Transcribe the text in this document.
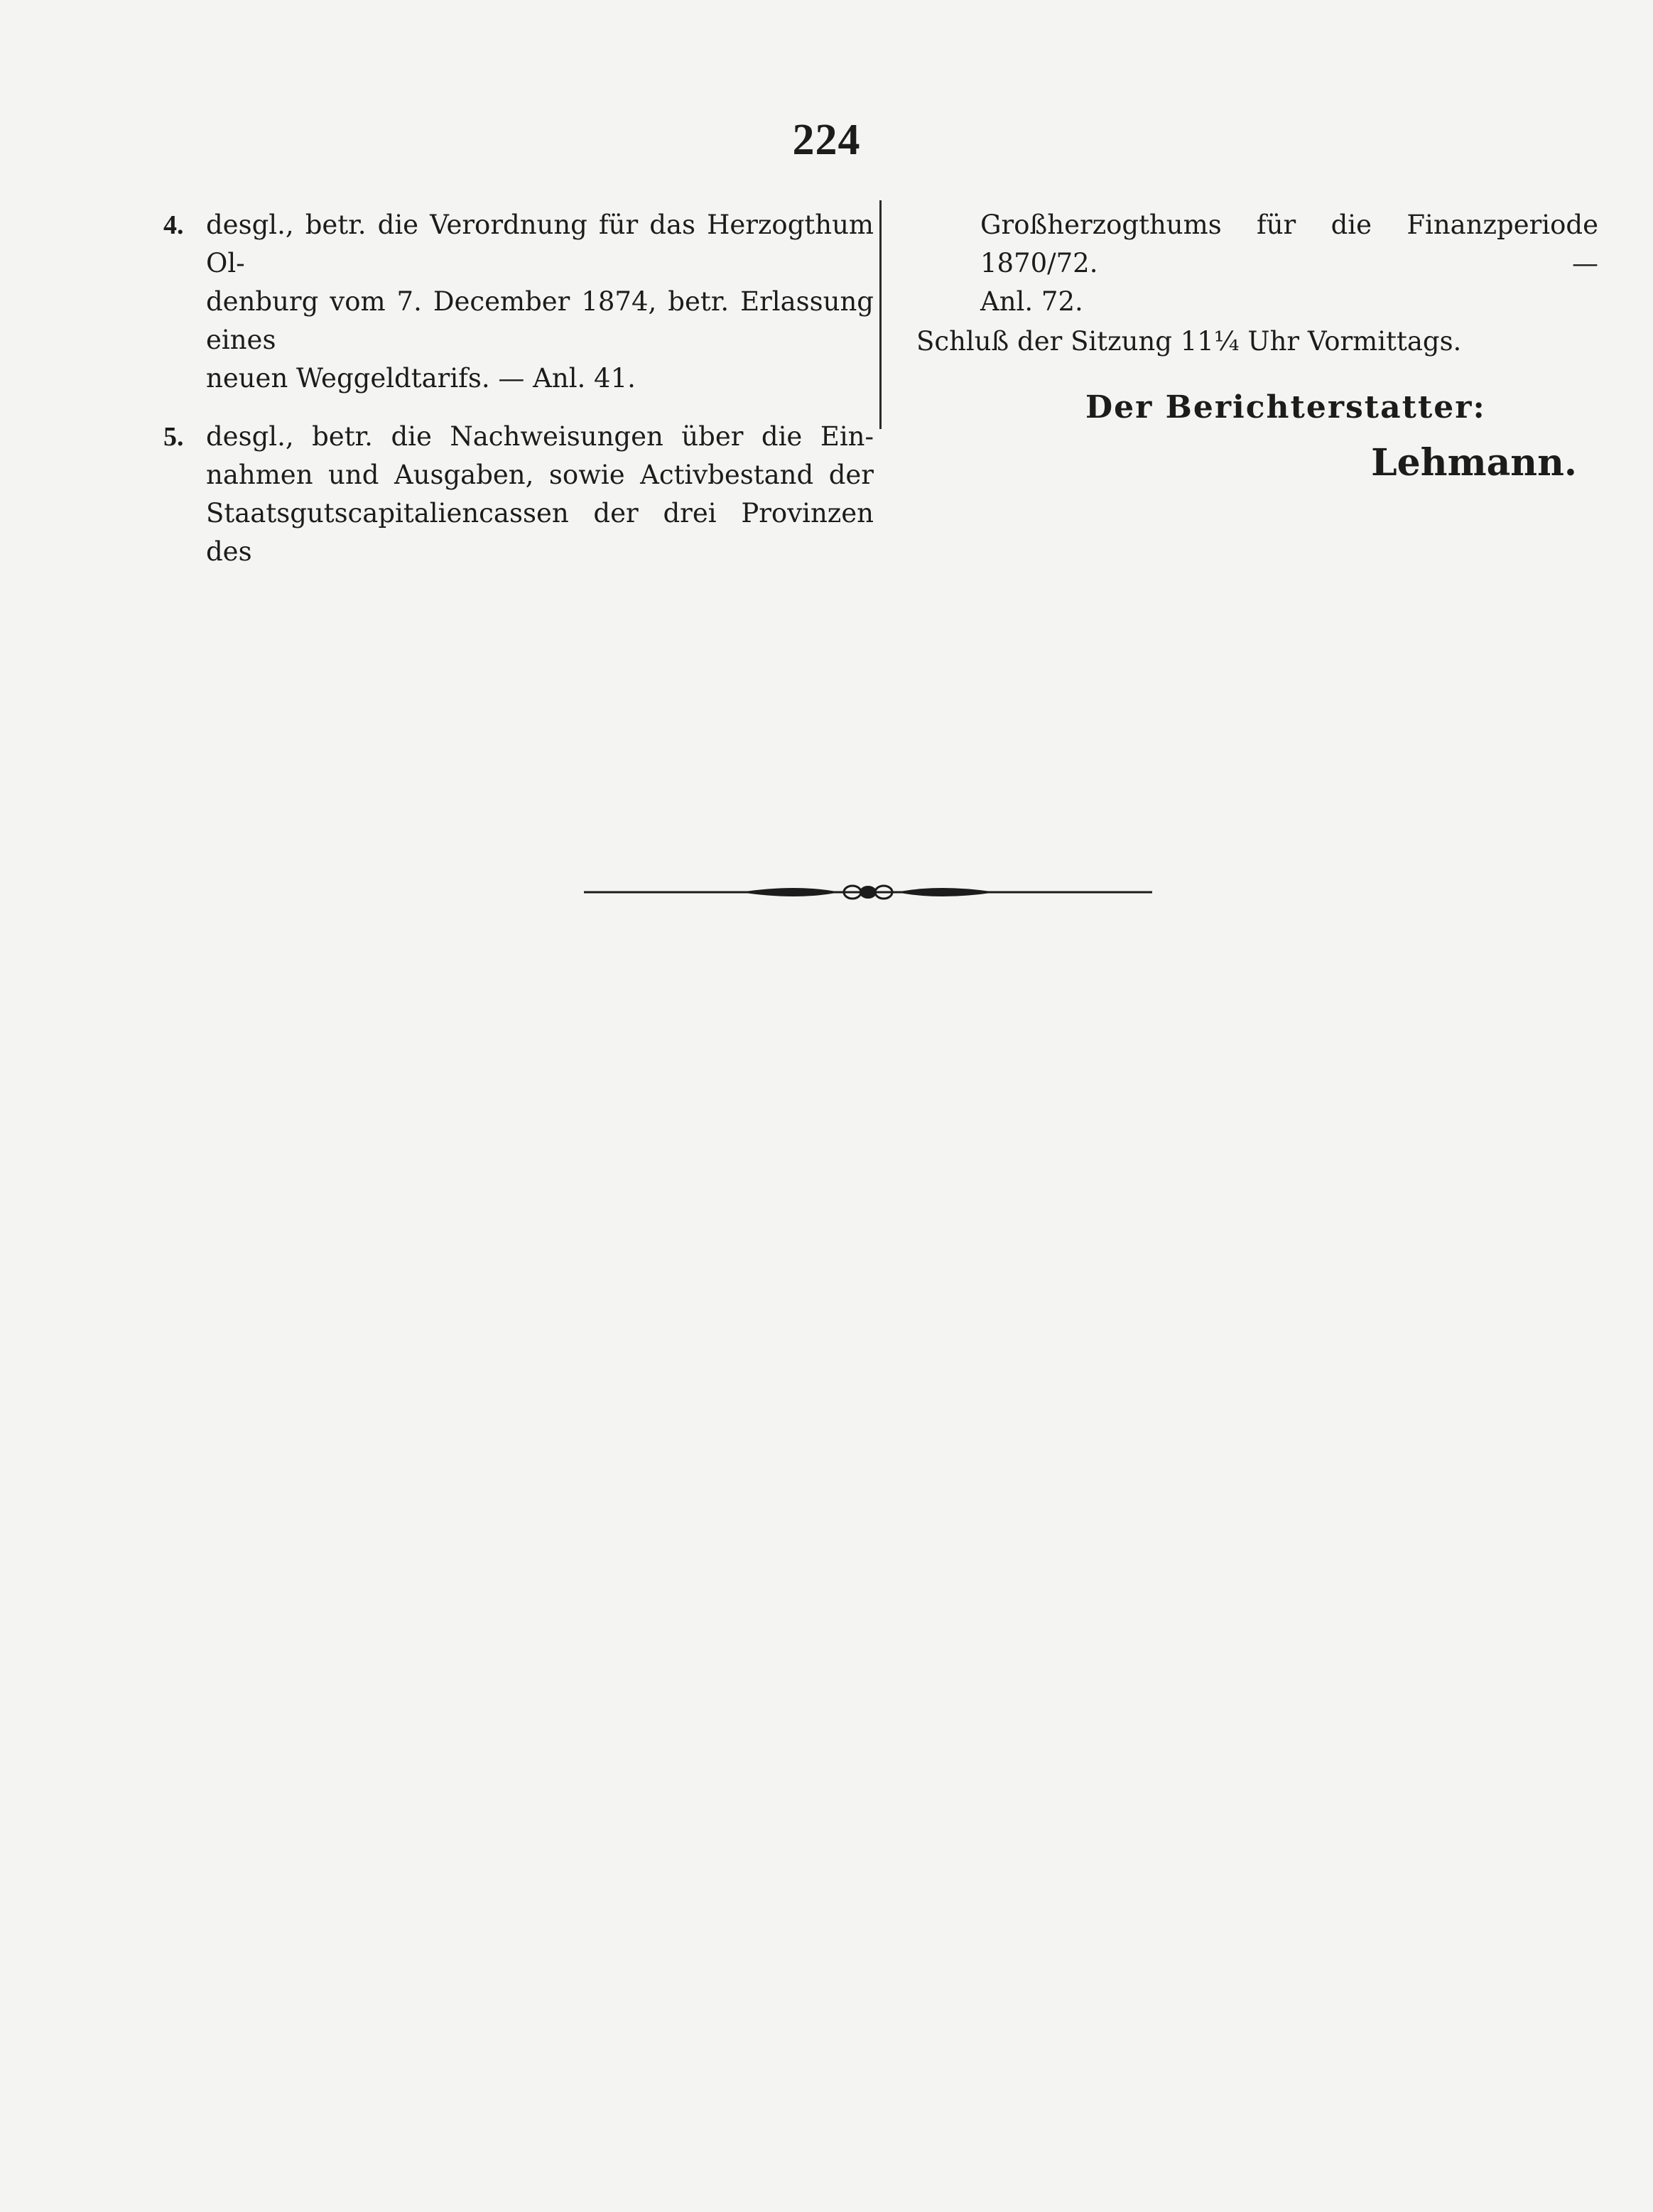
224
4. desgl., betr. die Verordnung für das Herzogthum Ol-
denburg vom 7. December 1874, betr. Erlassung eines
neuen Weggeldtarifs. — Anl. 41.
5. desgl., betr. die Nachweisungen über die Ein-
nahmen und Ausgaben, sowie Activbestand der
Staatsgutscapitaliencassen der drei Provinzen des
Großherzogthums für die Finanzperiode 1870/72. —
Anl. 72.
Schluß der Sitzung 11¼ Uhr Vormittags.
Der Berichterstatter:
Lehmann.
